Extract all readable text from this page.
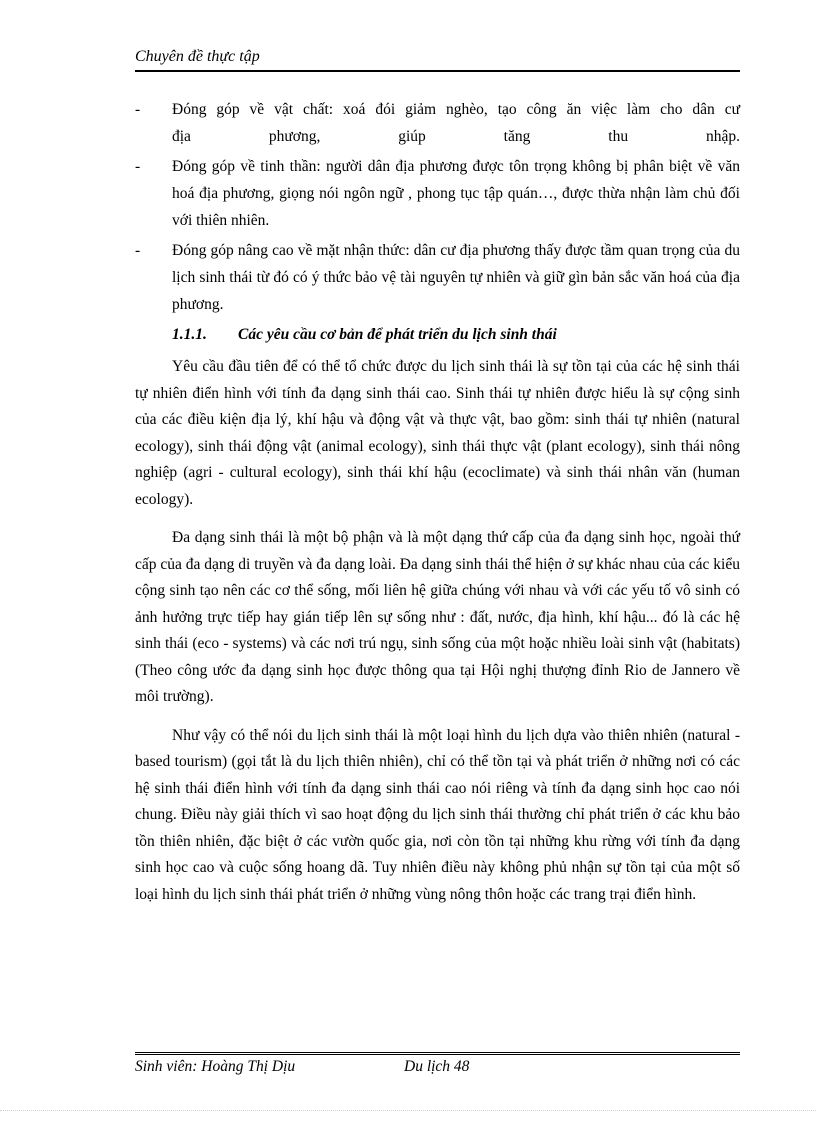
Chuyên đề thực tập
- Đóng góp về vật chất: xoá đói giảm nghèo, tạo công ăn việc làm cho dân cư
địa phương, giúp tăng thu nhập.
- Đóng góp về tinh thần: người dân địa phương được tôn trọng không bị phân biệt về văn hoá địa phương, giọng nói ngôn ngữ , phong tục tập quán…, được thừa nhận làm chủ đối với thiên nhiên.
- Đóng góp nâng cao về mặt nhận thức: dân cư địa phương thấy được tầm quan trọng của du lịch sinh thái từ đó có ý thức bảo vệ tài nguyên tự nhiên và giữ gìn bản sắc văn hoá của địa phương.
1.1.1. Các yêu cầu cơ bản để phát triển du lịch sinh thái

Yêu cầu đầu tiên để có thể tổ chức được du lịch sinh thái là sự tồn tại của các hệ sinh thái tự nhiên điển hình với tính đa dạng sinh thái cao. Sinh thái tự nhiên được hiểu là sự cộng sinh của các điều kiện địa lý, khí hậu và động vật và thực vật, bao gồm: sinh thái tự nhiên (natural ecology), sinh thái động vật (animal ecology), sinh thái thực vật (plant ecology), sinh thái nông nghiệp (agri - cultural ecology), sinh thái khí hậu (ecoclimate) và sinh thái nhân văn (human ecology).

Đa dạng sinh thái là một bộ phận và là một dạng thứ cấp của đa dạng sinh học, ngoài thứ cấp của đa dạng di truyền và đa dạng loài. Đa dạng sinh thái thể hiện ở sự khác nhau của các kiểu cộng sinh tạo nên các cơ thể sống, mối liên hệ giữa chúng với nhau và với các yếu tố vô sinh có ảnh hưởng trực tiếp hay gián tiếp lên sự sống như : đất, nước, địa hình, khí hậu... đó là các hệ sinh thái (eco - systems) và các nơi trú ngụ, sinh sống của một hoặc nhiều loài sinh vật (habitats) (Theo công ước đa dạng sinh học được thông qua tại Hội nghị thượng đỉnh Rio de Jannero về môi trường).

Như vậy có thể nói du lịch sinh thái là một loại hình du lịch dựa vào thiên nhiên (natural - based tourism) (gọi tắt là du lịch thiên nhiên), chỉ có thể tồn tại và phát triển ở những nơi có các hệ sinh thái điển hình với tính đa dạng sinh thái cao nói riêng và tính đa dạng sinh học cao nói chung. Điều này giải thích vì sao hoạt động du lịch sinh thái thường chỉ phát triển ở các khu bảo tồn thiên nhiên, đặc biệt ở các vườn quốc gia, nơi còn tồn tại những khu rừng với tính đa dạng sinh học cao và cuộc sống hoang dã. Tuy nhiên điều này không phủ nhận sự tồn tại của một số loại hình du lịch sinh thái phát triển ở những vùng nông thôn hoặc các trang trại điển hình.

Sinh viên: Hoàng Thị Dịu	Du lịch 48
